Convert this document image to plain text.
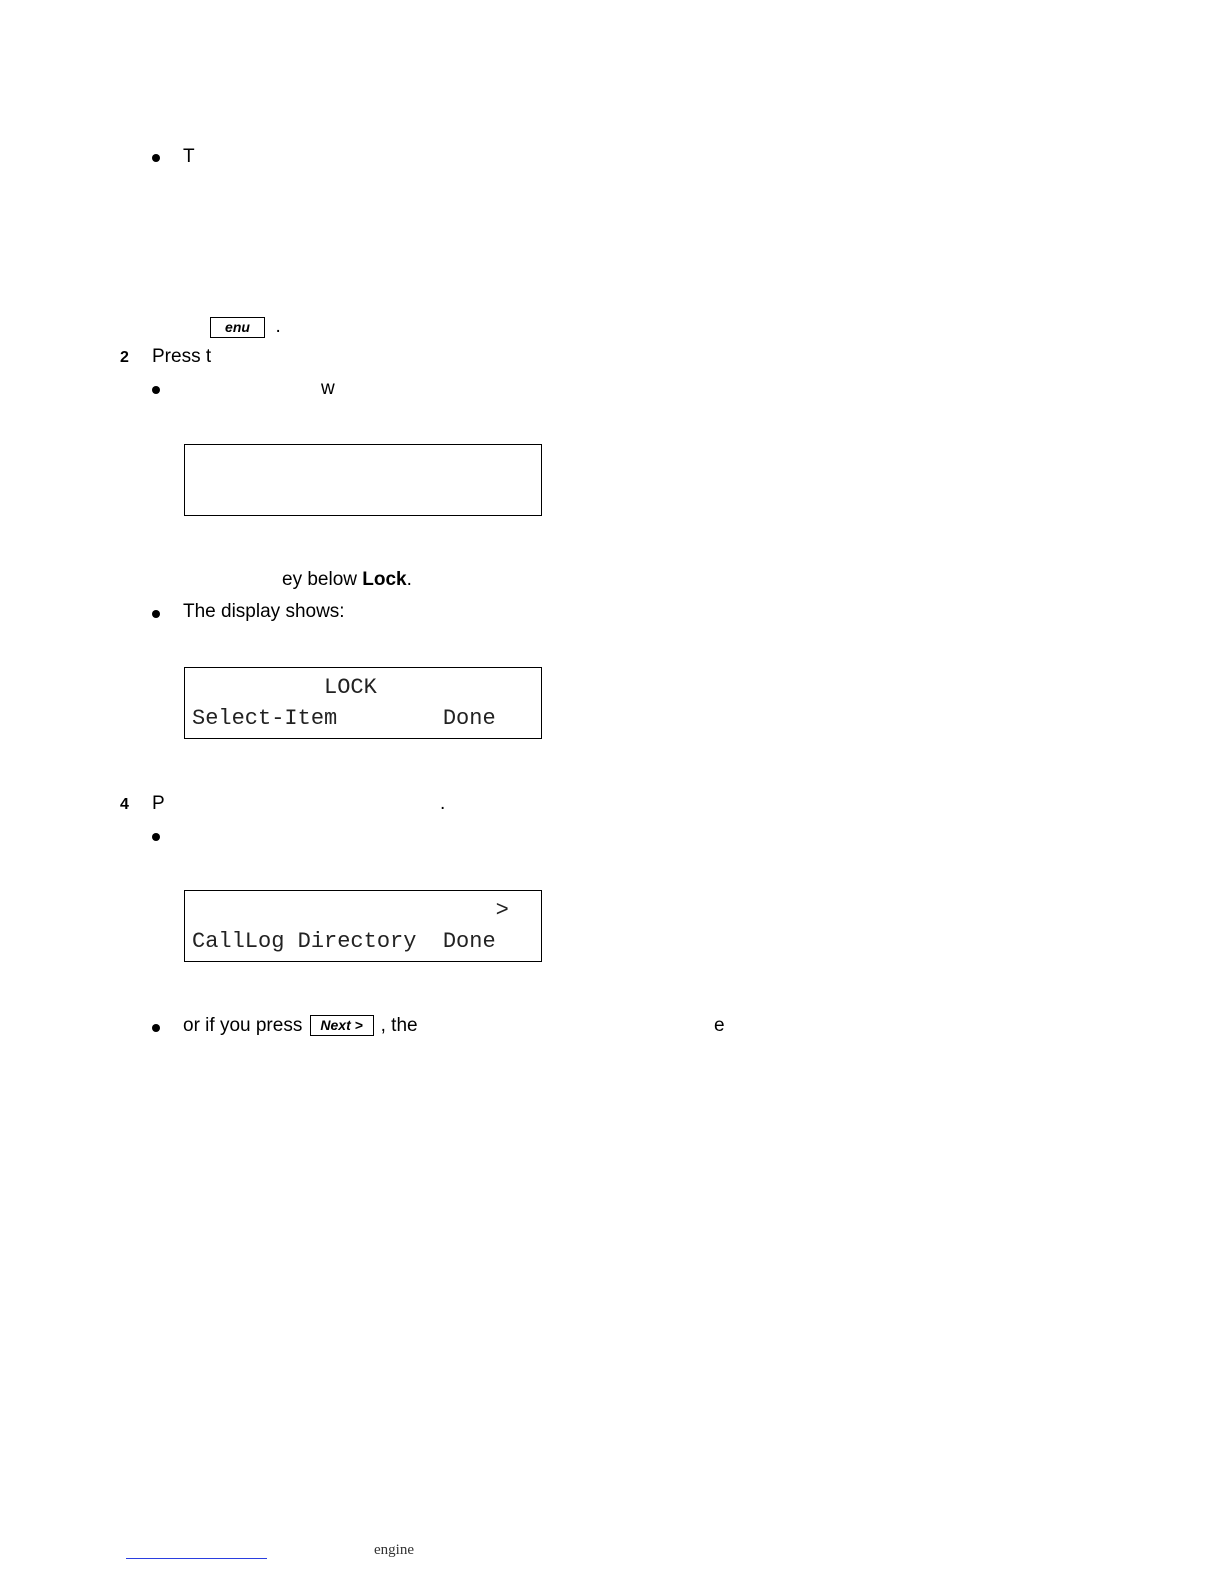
T
enu .
2 Press t
w
ey below Lock.
The display shows:
LOCK
Select-Item        Done
4 P	.
>
CallLog Directory  Done
or if you press Next > , the	e
engine
